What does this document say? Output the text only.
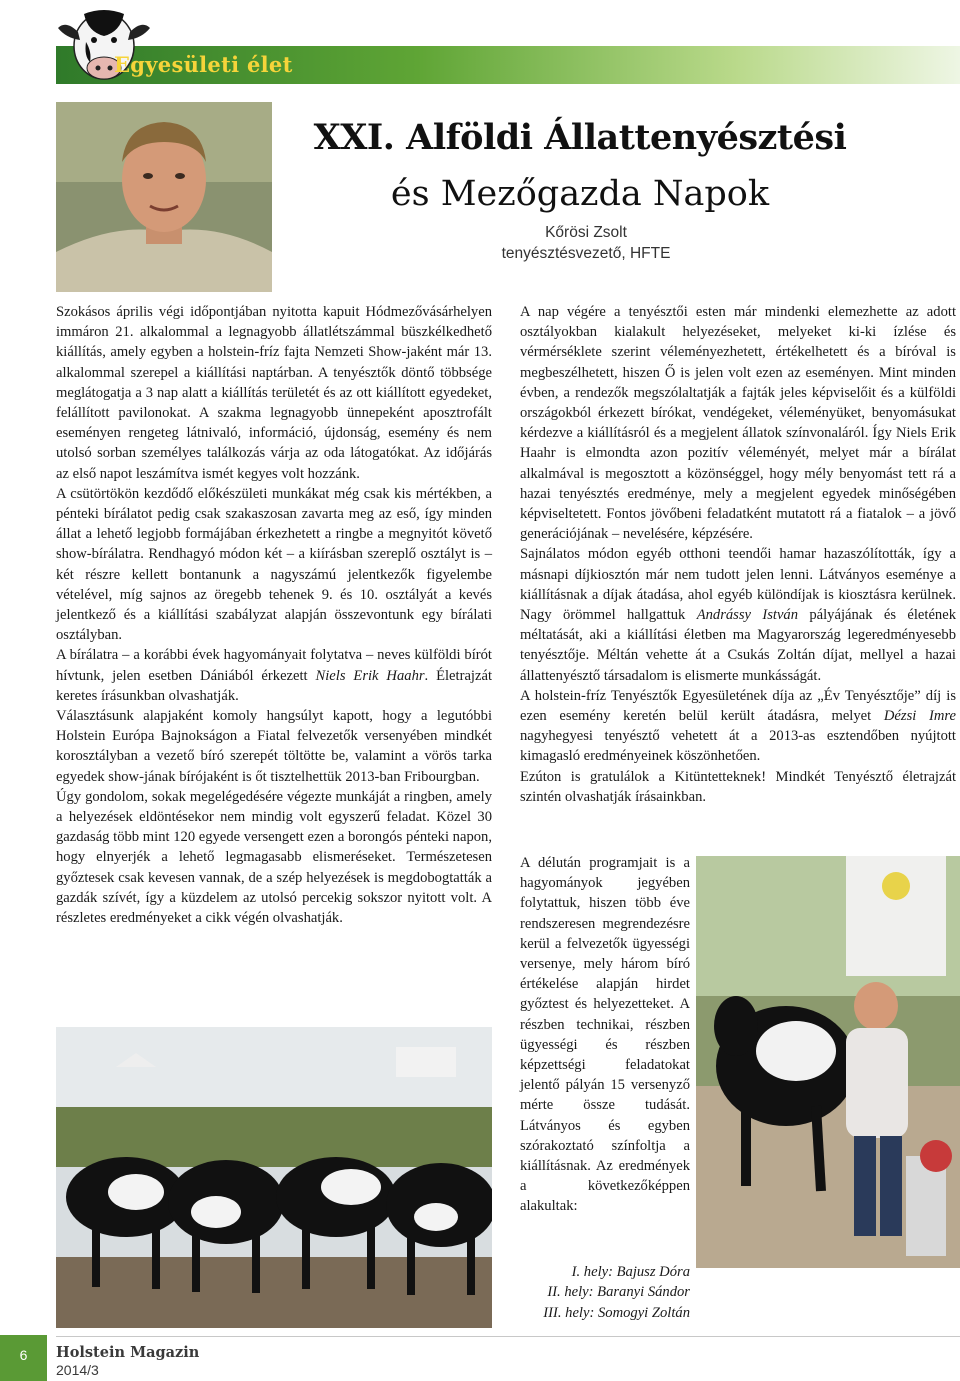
Egyesületi élet
XXI. Alföldi Állattenyésztési
és Mezőgazda Napok
Kőrösi Zsolt
tenyésztésvezető, HFTE

Szokásos április végi időpontjában nyitotta kapuit Hódmezővásárhelyen immáron 21. alkalommal a legnagyobb állatlétszámmal büszkélkedhető kiállítás, amely egyben a holstein-fríz fajta Nemzeti Show-jaként már 13. alkalommal szerepel a kiállítási naptárban. A tenyésztők döntő többsége meglátogatja a 3 nap alatt a kiállítás területét és az ott kiállított egyedeket, felállított pavilonokat. A szakma legnagyobb ünnepeként aposztrofált eseményen rengeteg látnivaló, információ, újdonság, esemény és nem utolsó sorban személyes találkozás várja az oda látogatókat. Az időjárás az első napot leszámítva ismét kegyes volt hozzánk.

A csütörtökön kezdődő előkészületi munkákat még csak kis mértékben, a pénteki bírálatot pedig csak szakaszosan zavarta meg az eső, így minden állat a lehető legjobb formájában érkezhetett a ringbe a megnyitót követő show-bírálatra. Rendhagyó módon két – a kiírásban szereplő osztályt is – két részre kellett bontanunk a nagyszámú jelentkezők figyelembe vételével, míg sajnos az öregebb tehenek 9. és 10. osztályát a kevés jelentkező és a kiállítási szabályzat alapján összevontunk egy bírálati osztályban.

A bírálatra – a korábbi évek hagyományait folytatva – neves külföldi bírót hívtunk, jelen esetben Dániából érkezett Niels Erik Haahr. Életrajzát keretes írásunkban olvashatják.

Választásunk alapjaként komoly hangsúlyt kapott, hogy a legutóbbi Holstein Európa Bajnokságon a Fiatal felvezetők versenyében mindkét korosztályban a vezető bíró szerepét töltötte be, valamint a vörös tarka egyedek show-jának bírójaként is őt tisztelhettük 2013-ban Fribourgban.

Úgy gondolom, sokak megelégedésére végezte munkáját a ringben, amely a helyezések eldöntésekor nem mindig volt egyszerű feladat. Közel 30 gazdaság több mint 120 egyede versengett ezen a borongós pénteki napon, hogy elnyerjék a lehető legmagasabb elismeréseket. Természetesen győztesek csak kevesen vannak, de a szép helyezések is megdobogtatták a gazdák szívét, így a küzdelem az utolsó percekig sokszor nyitott volt. A részletes eredményeket a cikk végén olvashatják.

A nap végére a tenyésztői esten már mindenki elemezhette az adott osztályokban kialakult helyezéseket, melyeket ki-ki ízlése és vérmérséklete szerint véleményezhetett, értékelhetett és a bíróval is megbeszélhetett, hiszen Ő is jelen volt ezen az eseményen. Mint minden évben, a rendezők megszólaltatják a fajták jeles képviselőit és a külföldi országokból érkezett bírókat, vendégeket, véleményüket, benyomásukat kérdezve a kiállításról és a megjelent állatok színvonaláról. Így Niels Erik Haahr is elmondta azon pozitív véleményét, melyet már a bírálat alkalmával is megosztott a közönséggel, hogy mély benyomást tett rá a hazai tenyésztés eredménye, mely a megjelent egyedek minőségében képviseltetett. Fontos jövőbeni feladatként mutatott rá a fiatalok – a jövő generációjának – nevelésére, képzésére.

Sajnálatos módon egyéb otthoni teendői hamar hazaszólították, így a másnapi díjkiosztón már nem tudott jelen lenni. Látványos eseménye a kiállításnak a díjak átadása, ahol egyéb különdíjak is kiosztásra kerülnek. Nagy örömmel hallgattuk Andrássy István pályájának és életének méltatását, aki a kiállítási életben ma Magyarország legeredményesebb tenyésztője. Méltán vehette át a Csukás Zoltán díjat, mellyel a hazai állattenyésztő társadalom is elismerte munkásságát.

A holstein-fríz Tenyésztők Egyesületének díja az „Év Tenyésztője” díj is ezen esemény keretén belül került átadásra, melyet Dézsi Imre nagyhegyesi tenyésztő vehetett át a 2013-as esztendőben nyújtott kimagasló eredményeinek köszönhetően.

Ezúton is gratulálok a Kitüntetteknek! Mindkét Tenyésztő életrajzát szintén olvashatják írásainkban.

A délután programjait is a hagyományok jegyében folytattuk, hiszen több éve rendszeresen megrendezésre kerül a felvezetők ügyességi versenye, mely három bíró értékelése alapján hirdet győztest és helyezetteket. A részben technikai, részben ügyességi és részben képzettségi feladatokat jelentő pályán 15 versenyző mérte össze tudását. Látványos és egyben szórakoztató színfoltja a kiállításnak. Az eredmények a következőképpen alakultak:

I. hely: Bajusz Dóra
II. hely: Baranyi Sándor
III. hely: Somogyi Zoltán
6	Holstein Magazin
2014/3
